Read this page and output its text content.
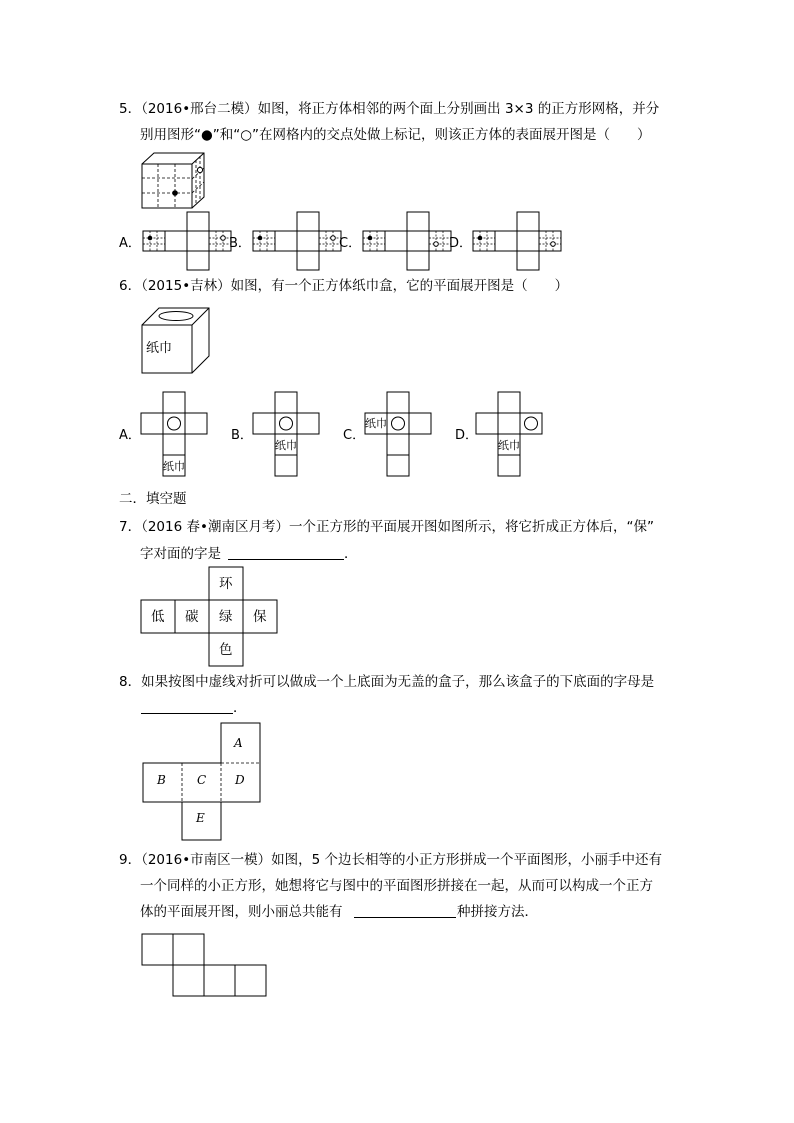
5．（2016•邢台二模）如图，将正方体相邻的两个面上分别画出 3×3 的正方形网格，并分
别用图形“●”和“○”在网格内的交点处做上标记，则该正方体的表面展开图是（　　）
A．	B．	C．	D．
6．（2015•吉林）如图，有一个正方体纸巾盒，它的平面展开图是（　　）
纸巾
A．	B．	C．	D．
纸巾
纸巾
纸巾
纸巾
二．填空题
7．（2016 春•潮南区月考）一个正方形的平面展开图如图所示，将它折成正方体后，“保”
字对面的字是	．
环
低 碳 绿 保
色
8．如果按图中虚线对折可以做成一个上底面为无盖的盒子，那么该盒子的下底面的字母是
．
A
B	C D
E
9．（2016•市南区一模）如图，5 个边长相等的小正方形拼成一个平面图形，小丽手中还有
一个同样的小正方形，她想将它与图中的平面图形拼接在一起，从而可以构成一个正方
体的平面展开图，则小丽总共能有	种拼接方法．
